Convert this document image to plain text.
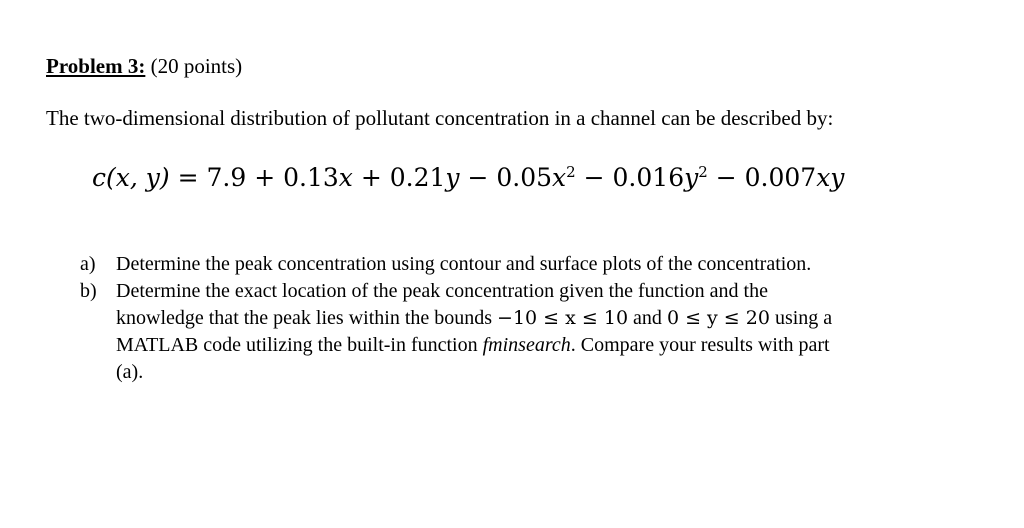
Problem 3: (20 points)
The two-dimensional distribution of pollutant concentration in a channel can be described by:
c(x, $y) = 7.9 + 0.13x + 0.21y - 0.05x^2 - 0.016y^2 - 0.007xy$
a)	Determine the peak concentration using contour and surface plots of the concentration.
b) Determine the exact location of the peak concentration given the function and the
knowledge that the peak lies within the bounds −10 ≤ x ≤ 10 and 0 ≤ y ≤ 20 using a
MATLAB code utilizing the built-in function fminsearch. Compare your results with part
(a).
